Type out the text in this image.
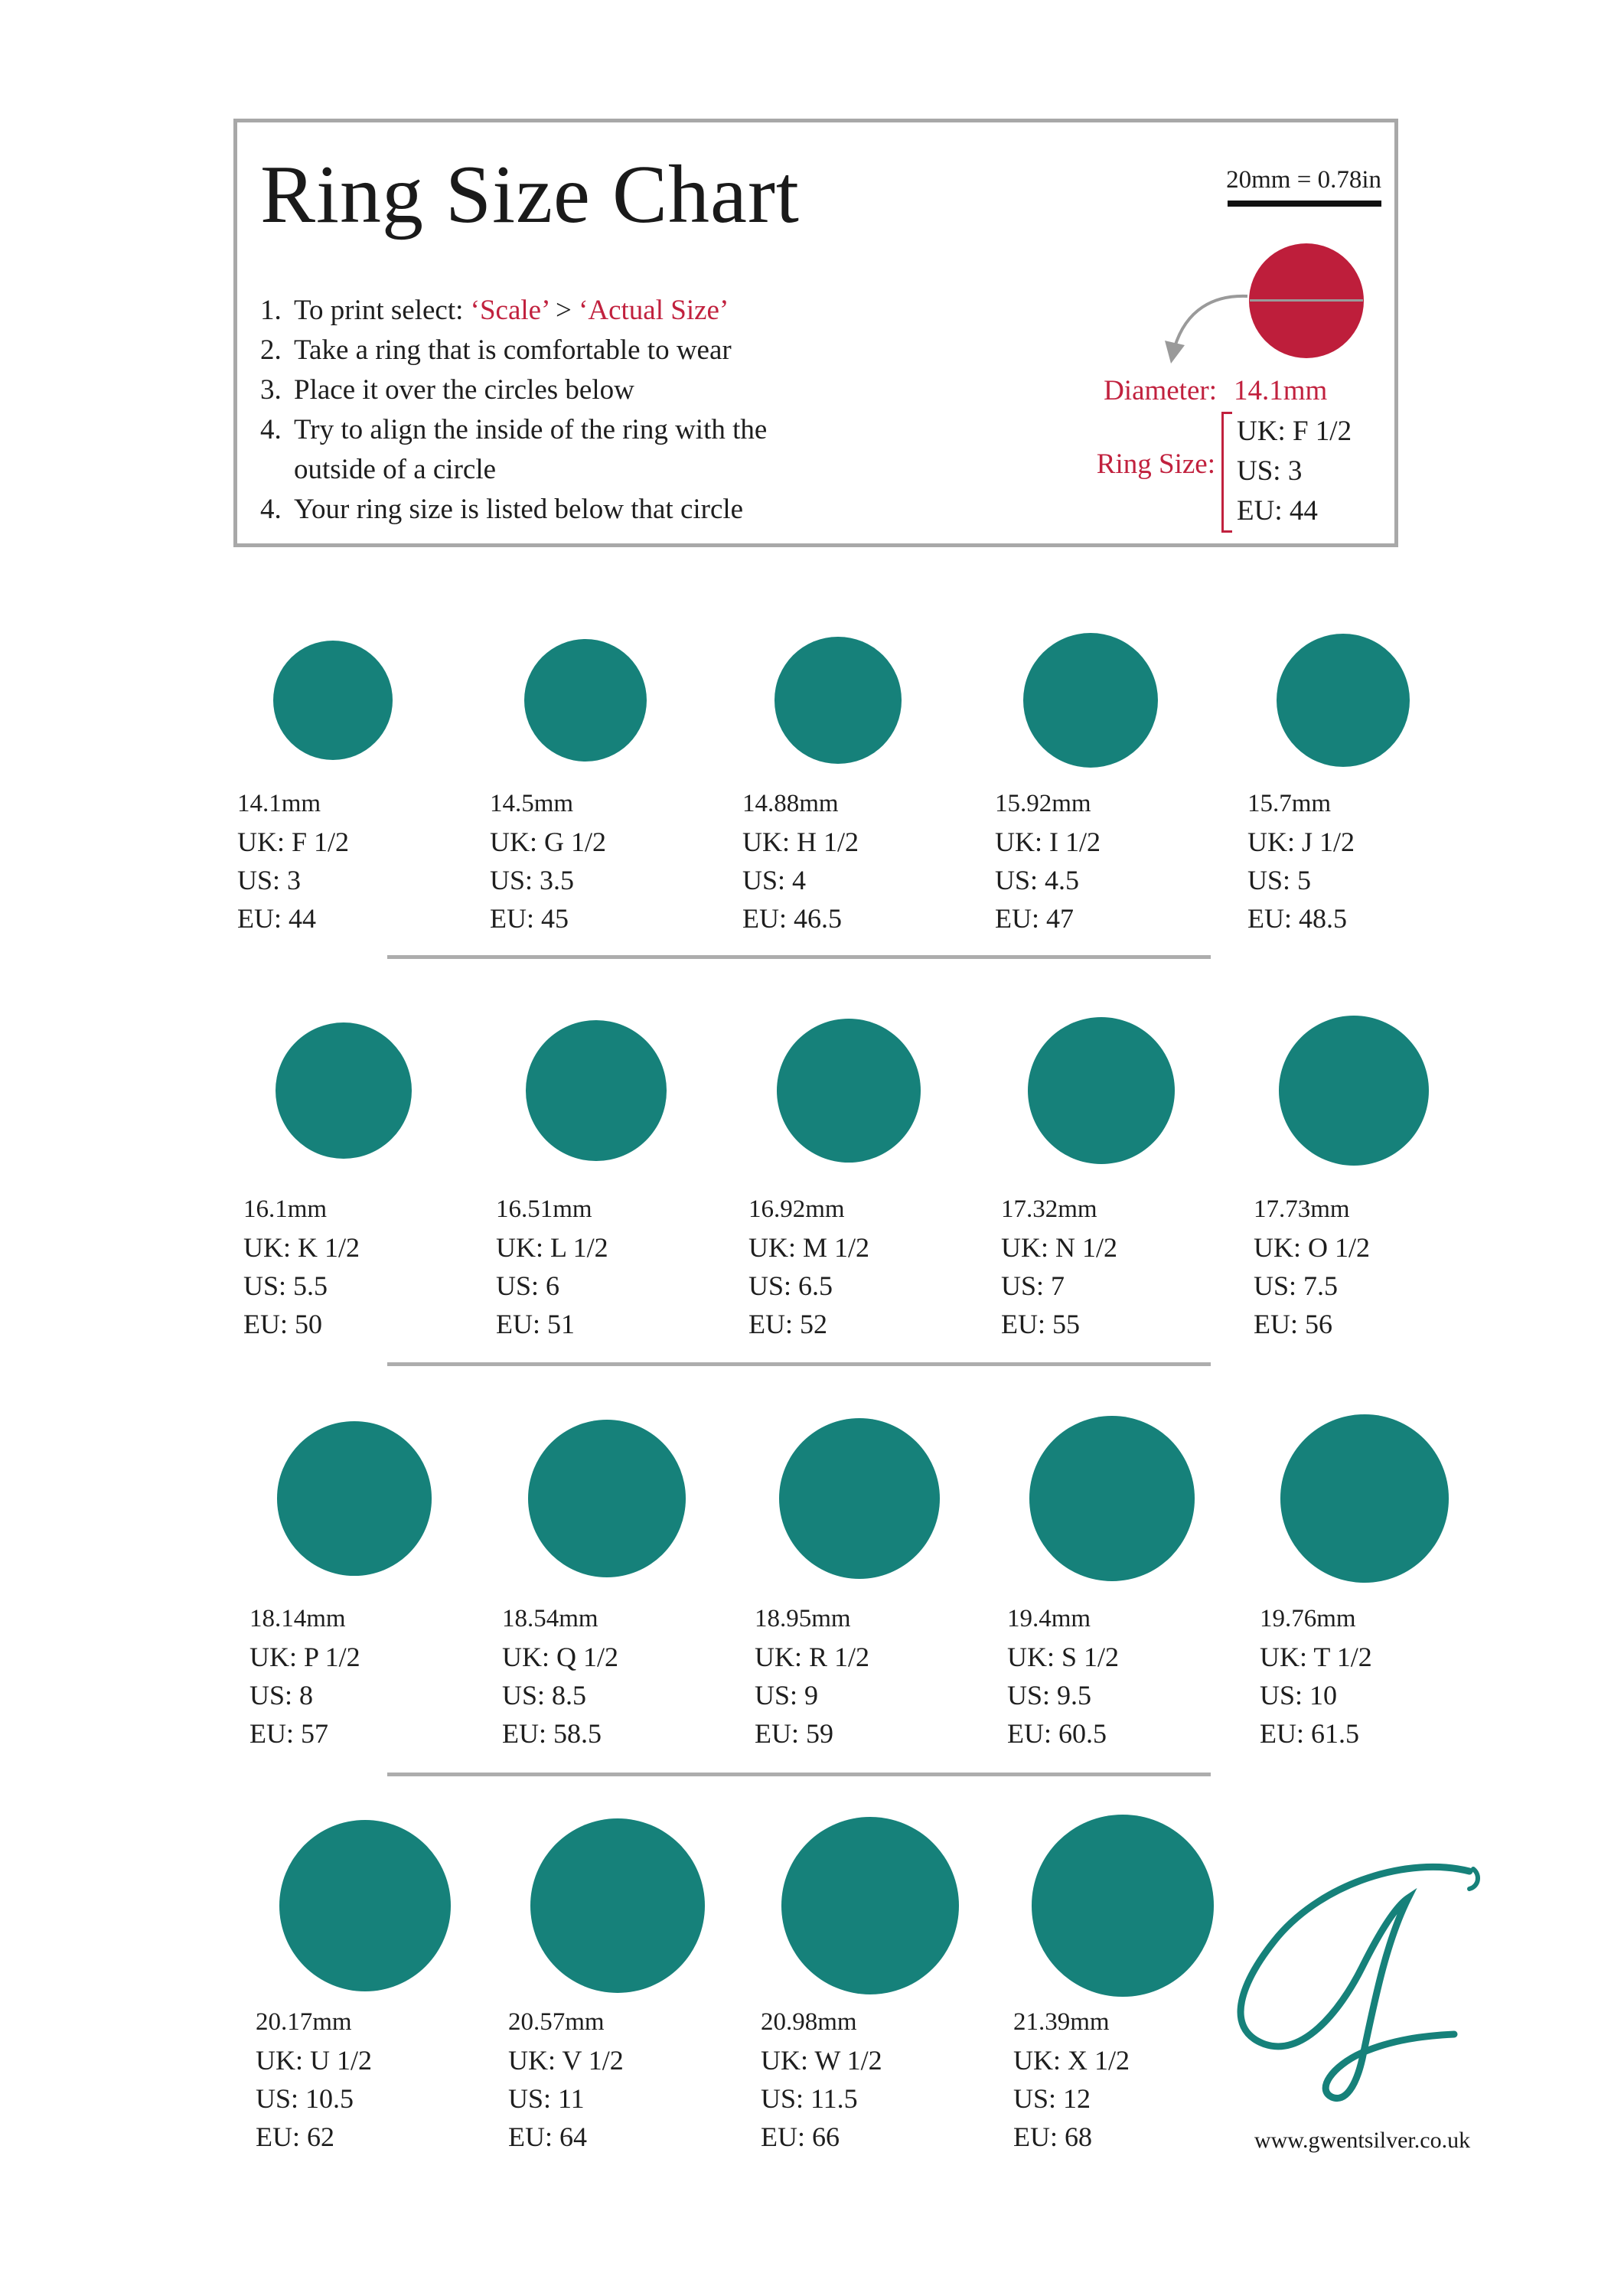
Ring Size Chart	20mm = 0.78in
1. To print select: ‘Scale’ > ‘Actual Size’
2. Take a ring that is comfortable to wear
3. Place it over the circles below
4. Try to align the inside of the ring with the outside of a circle
4. Your ring size is listed below that circle
Diameter: 14.1mm
Ring Size:
UK: F 1/2
US: 3
EU: 44
14.1mm
UK: F 1/2
US: 3
EU: 44
14.5mm
UK: G 1/2
US: 3.5
EU: 45
14.88mm
UK: H 1/2
US: 4
EU: 46.5
15.92mm
UK: I 1/2
US: 4.5
EU: 47
15.7mm
UK: J 1/2
US: 5
EU: 48.5
16.1mm
UK: K 1/2
US: 5.5
EU: 50
16.51mm
UK: L 1/2
US: 6
EU: 51
16.92mm
UK: M 1/2
US: 6.5
EU: 52
17.32mm
UK: N 1/2
US: 7
EU: 55
17.73mm
UK: O 1/2
US: 7.5
EU: 56
18.14mm
UK: P 1/2
US: 8
EU: 57
18.54mm
UK: Q 1/2
US: 8.5
EU: 58.5
18.95mm
UK: R 1/2
US: 9
EU: 59
19.4mm
UK: S 1/2
US: 9.5
EU: 60.5
19.76mm
UK: T 1/2
US: 10
EU: 61.5
20.17mm
UK: U 1/2
US: 10.5
EU: 62
20.57mm
UK: V 1/2
US: 11
EU: 64
20.98mm
UK: W 1/2
US: 11.5
EU: 66
21.39mm
UK: X 1/2
US: 12
EU: 68	www.gwentsilver.co.uk
